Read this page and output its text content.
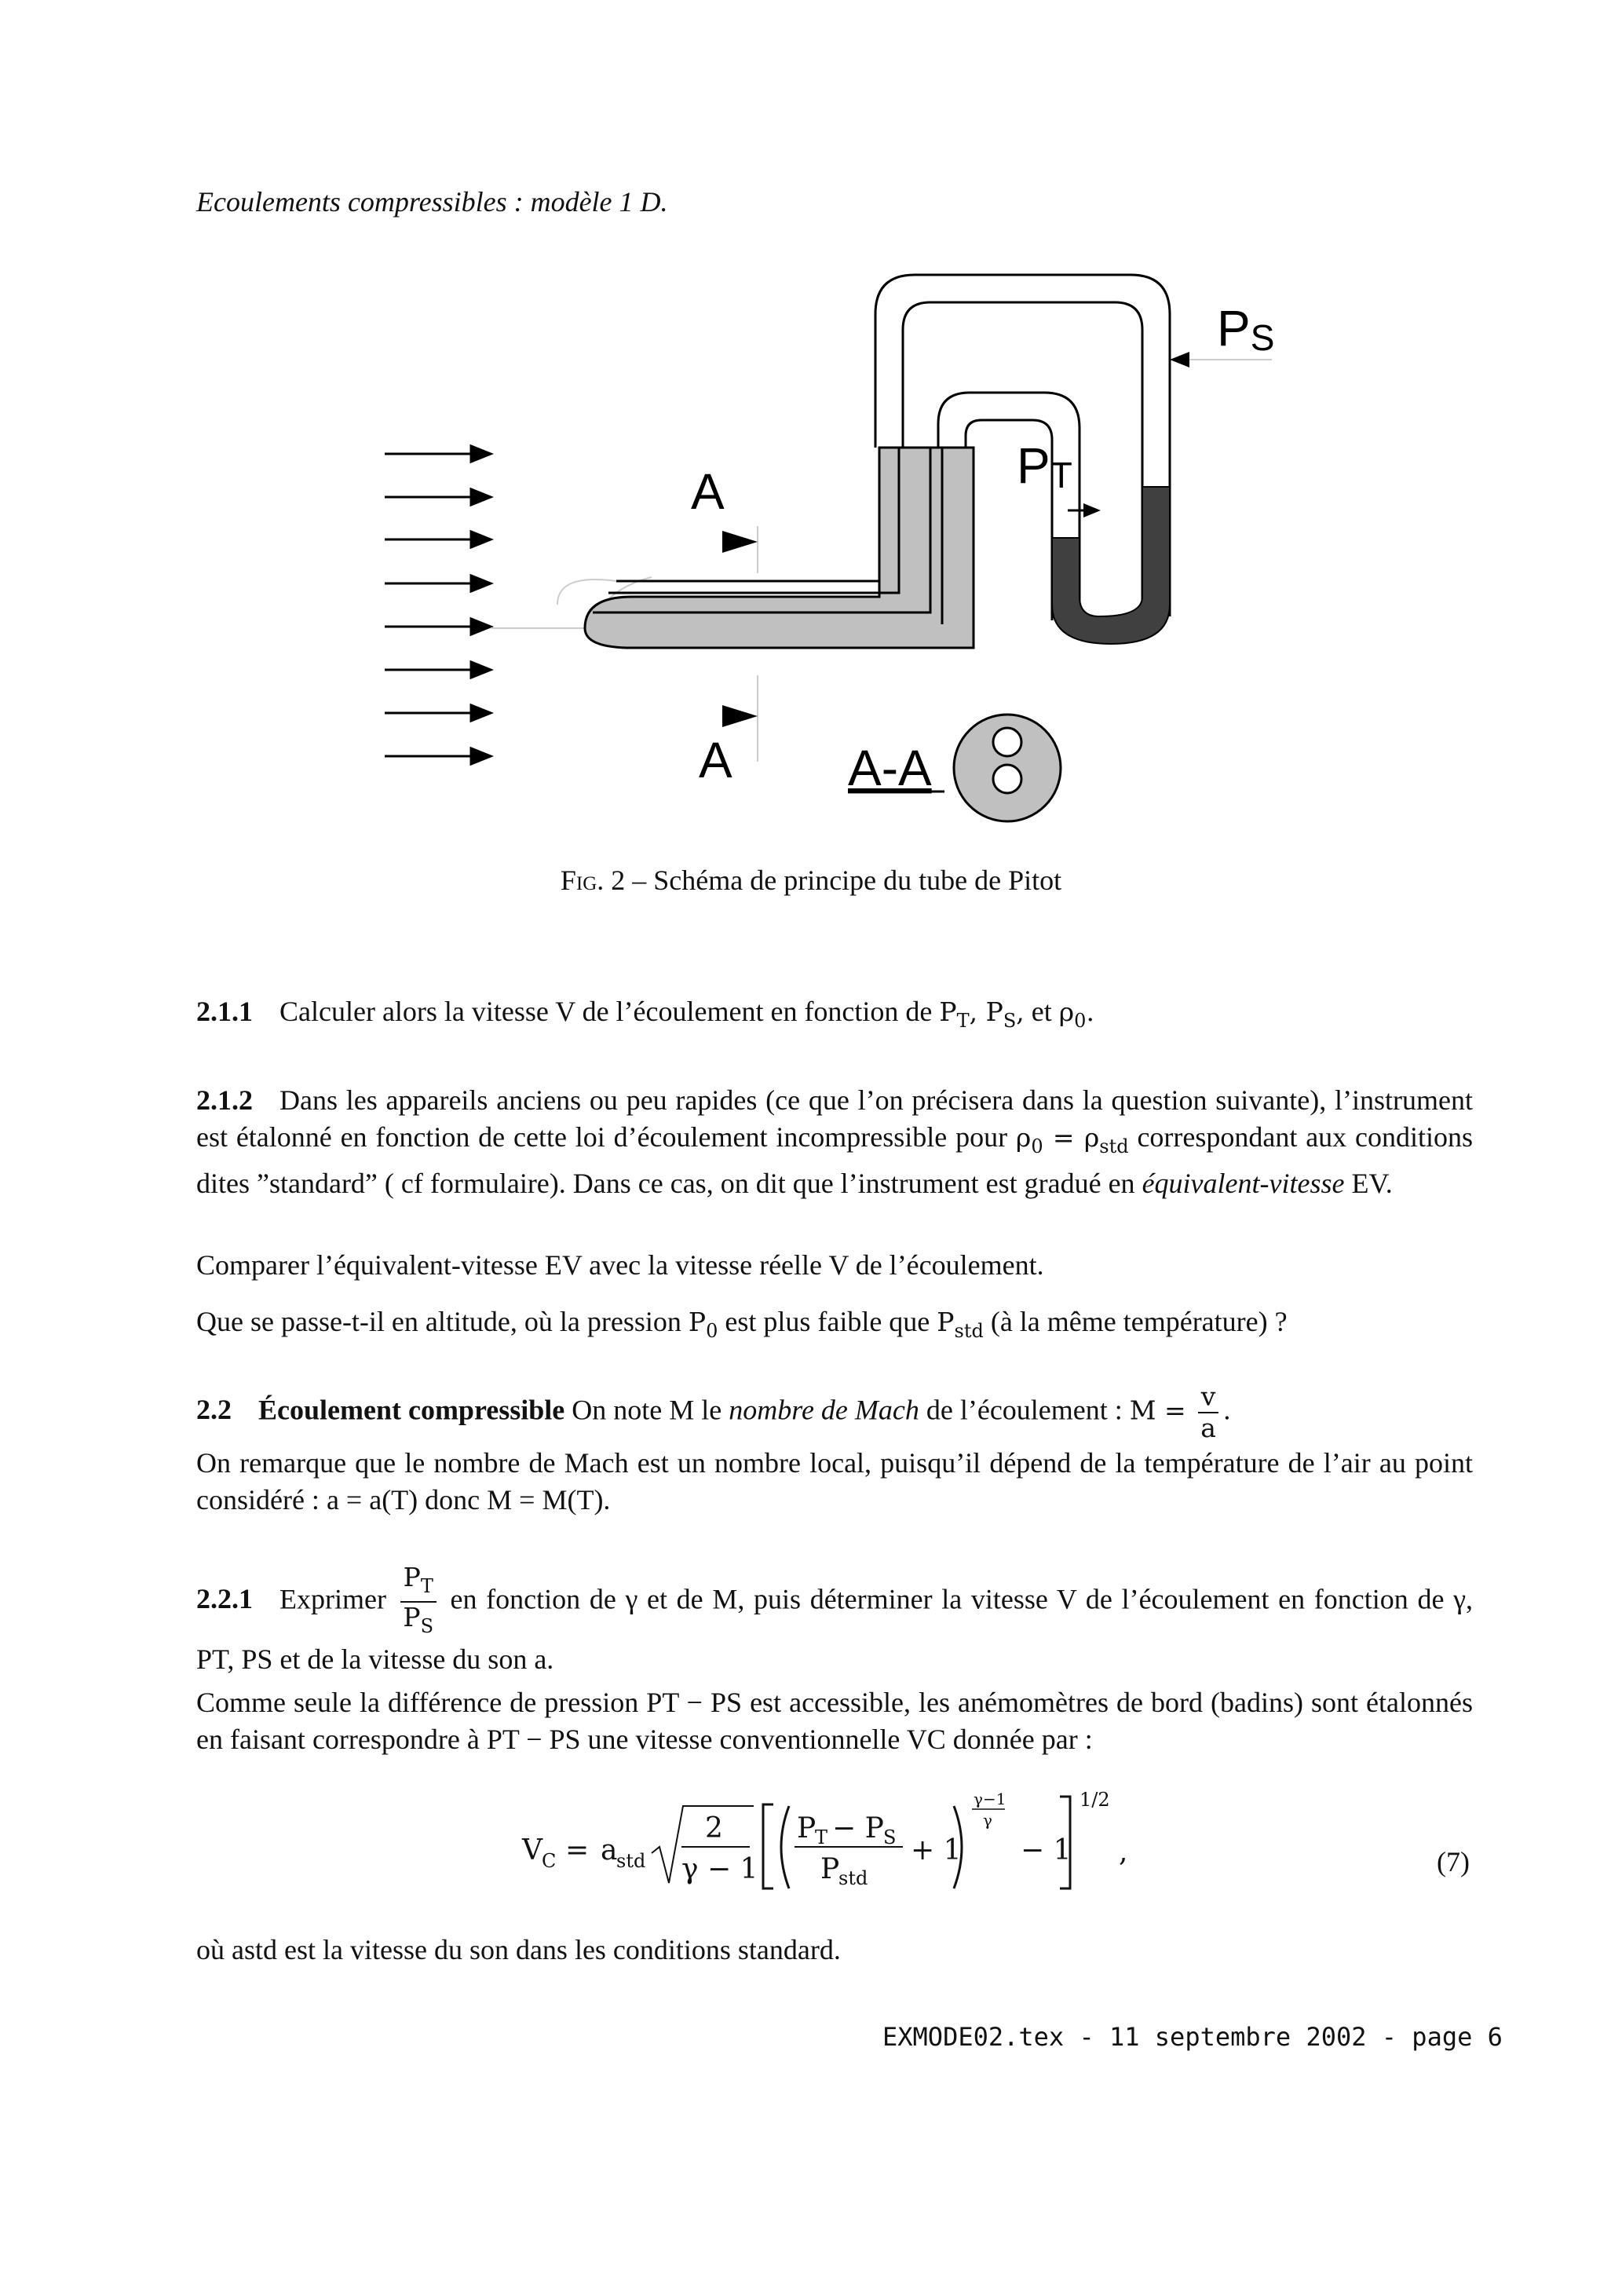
Ecoulements compressibles : modèle 1 D.
PS
PT
A
A A-A
Fig. 2 – Schéma de principe du tube de Pitot

2.1.1 Calculer alors la vitesse V de l’écoulement en fonction de $P_T$, $P_S$, et $\rho_0$.

2.1.2 Dans les appareils anciens ou peu rapides (ce que l’on précisera dans la question suivante), l’instrument est étalonné en fonction de cette loi d’écoulement incompressible pour $\rho_0 = \rho_{std}$ correspondant aux conditions dites ”standard” ( cf formulaire). Dans ce cas, on dit que l’instrument est gradué en équivalent-vitesse EV.

Comparer l’équivalent-vitesse EV avec la vitesse réelle V de l’écoulement.
Que se passe-t-il en altitude, où la pression $P_0$ est plus faible que $P_{std}$ (à la même température) ?
2.2 Écoulement compressible On note M le nombre de Mach de l’écoulement : $M = \frac{v}{a}$ .
On remarque que le nombre de Mach est un nombre local, puisqu’il dépend de la température de l’air au point considéré : a = a(T) donc M = M(T).
2.2.1 Exprimer $\frac{P_T}{P_S}$ en fonction de γ et de M, puis déterminer la vitesse V de l’écoulement en fonction de γ, PT, PS et de la vitesse du son a.
Comme seule la différence de pression PT − PS est accessible, les anémomètres de bord (badins) sont étalonnés en faisant correspondre à PT − PS une vitesse conventionnelle VC donnée par :
V C = a
std
2
γ − 1
P
T − P S
P
std
+ 1
γ−1
γ
− 1
1/2
,	(7)
où astd est la vitesse du son dans les conditions standard.
EXMODE02.tex - 11 septembre 2002 - page 6
